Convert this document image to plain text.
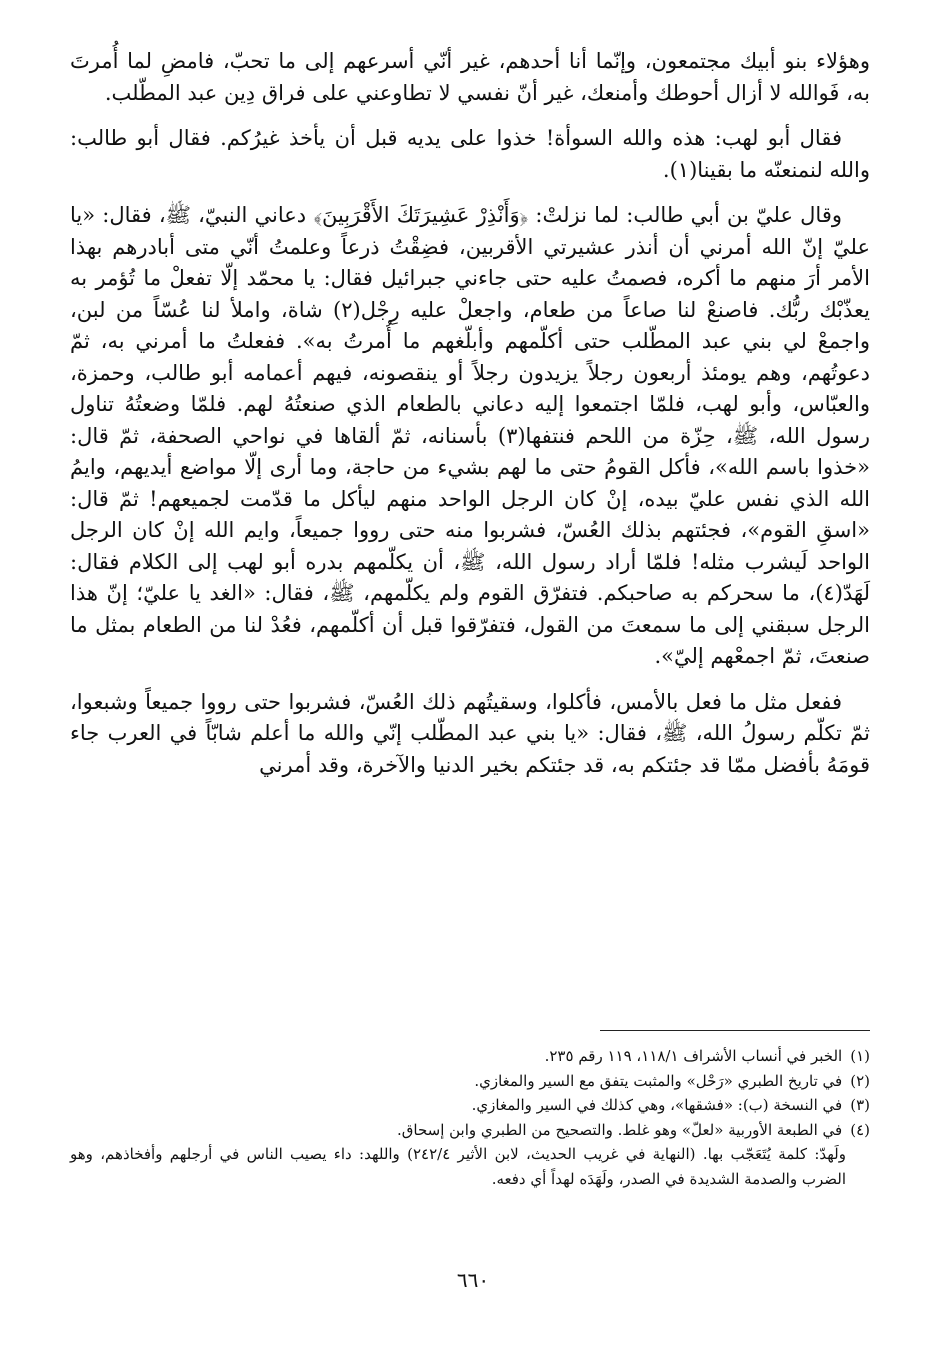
وهؤلاء بنو أبيك مجتمعون، وإنّما أنا أحدهم، غير أنّي أسرعهم إلى ما تحبّ، فامضِ لما أُمرتَ به، فَوالله لا أزال أحوطك وأمنعك، غير أنّ نفسي لا تطاوعني على فراق دِين عبد المطّلب.

فقال أبو لهب: هذه والله السوأة! خذوا على يديه قبل أن يأخذ غيرُكم. فقال أبو طالب: والله لنمنعنّه ما بقينا(١).

وقال عليّ بن أبي طالب: لما نزلتْ: ﴿وَأَنْذِرْ عَشِيرَتَكَ الأَقْرَبِينَ﴾ دعاني النبيّ، ﷺ، فقال: «يا عليّ إنّ الله أمرني أن أنذر عشيرتي الأقربين، فضِقْتُ ذرعاً وعلمتُ أنّي متى أبادرهم بهذا الأمر أرَ منهم ما أكره، فصمتُ عليه حتى جاءني جبرائيل فقال: يا محمّد إلّا تفعلْ ما تُؤمر به يعذّبْك ربُّك. فاصنعْ لنا صاعاً من طعام، واجعلْ عليه رِجْل(٢) شاة، واملأ لنا عُسّاً من لبن، واجمعْ لي بني عبد المطّلب حتى أكلّمهم وأبلّغهم ما أُمرتُ به». ففعلتُ ما أمرني به، ثمّ دعوتُهم، وهم يومئذ أربعون رجلاً يزيدون رجلاً أو ينقصونه، فيهم أعمامه أبو طالب، وحمزة، والعبّاس، وأبو لهب، فلمّا اجتمعوا إليه دعاني بالطعام الذي صنعتُهُ لهم. فلمّا وضعتُهُ تناول رسول الله، ﷺ، حِزّة من اللحم فنتفها(٣) بأسنانه، ثمّ ألقاها في نواحي الصحفة، ثمّ قال: «خذوا باسم الله»، فأكل القومُ حتى ما لهم بشيء من حاجة، وما أرى إلّا مواضع أيديهم، وايمُ الله الذي نفس عليّ بيده، إنْ كان الرجل الواحد منهم ليأكل ما قدّمت لجميعهم! ثمّ قال: «اسقِ القوم»، فجئتهم بذلك العُسّ، فشربوا منه حتى رووا جميعاً، وايم الله إنْ كان الرجل الواحد لَيشرب مثله! فلمّا أراد رسول الله، ﷺ، أن يكلّمهم بدره أبو لهب إلى الكلام فقال: لَهَدّ(٤)، ما سحركم به صاحبكم. فتفرّق القوم ولم يكلّمهم، ﷺ، فقال: «الغد يا عليّ؛ إنّ هذا الرجل سبقني إلى ما سمعتَ من القول، فتفرّقوا قبل أن أكلّمهم، فعُدْ لنا من الطعام بمثل ما صنعتَ، ثمّ اجمعْهم إليّ».

ففعل مثل ما فعل بالأمس، فأكلوا، وسقيتُهم ذلك العُسّ، فشربوا حتى رووا جميعاً وشبعوا، ثمّ تكلّم رسولُ الله، ﷺ، فقال: «يا بني عبد المطّلب إنّي والله ما أعلم شابّاً في العرب جاء قومَهُ بأفضل ممّا قد جئتكم به، قد جئتكم بخير الدنيا والآخرة، وقد أمرني

(١)
الخبر في أنساب الأشراف ١١٨/١، ١١٩ رقم ٢٣٥.
(٢)
في تاريخ الطبري «رَحْل» والمثبت يتفق مع السير والمغازي.
(٣)
في النسخة (ب): «فشقها»، وهي كذلك في السير والمغازي.
(٤)
في الطبعة الأوربية «لعلّ» وهو غلط. والتصحيح من الطبري وابن إسحاق.

ولَهدّ: كلمة يُتَعَجّب بها. (النهاية في غريب الحديث، لابن الأثير ٢٤٢/٤) واللهد: داء يصيب الناس في أرجلهم وأفخاذهم، وهو الضرب والصدمة الشديدة في الصدر، ولَهَدَه لهداً أي دفعه.

٦٦٠
